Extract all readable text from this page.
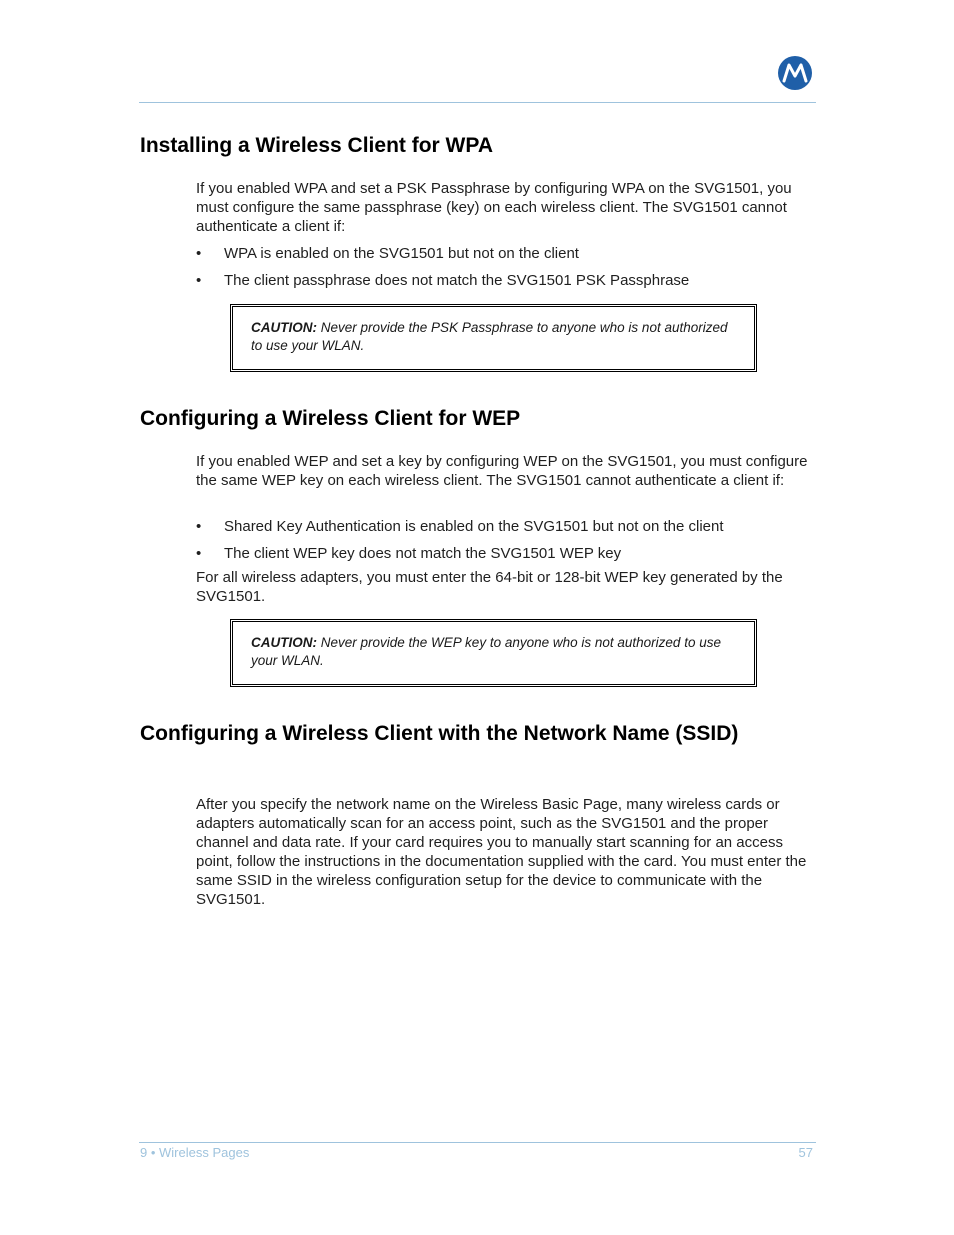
Installing a Wireless Client for WPA

If you enabled WPA and set a PSK Passphrase by configuring WPA on the SVG1501, you must configure the same passphrase (key) on each wireless client. The SVG1501 cannot authenticate a client if:

•	WPA is enabled on the SVG1501 but not on the client
•	The client passphrase does not match the SVG1501 PSK Passphrase
CAUTION: Never provide the PSK Passphrase to anyone who is not authorized to use your WLAN.
Configuring a Wireless Client for WEP

If you enabled WEP and set a key by configuring WEP on the SVG1501, you must configure the same WEP key on each wireless client. The SVG1501 cannot authenticate a client if:

•	Shared Key Authentication is enabled on the SVG1501 but not on the client
•	The client WEP key does not match the SVG1501 WEP key

For all wireless adapters, you must enter the 64-bit or 128-bit WEP key generated by the SVG1501.

CAUTION: Never provide the WEP key to anyone who is not authorized to use your WLAN.
Configuring a Wireless Client with the Network Name (SSID)

After you specify the network name on the Wireless Basic Page, many wireless cards or adapters automatically scan for an access point, such as the SVG1501 and the proper channel and data rate. If your card requires you to manually start scanning for an access point, follow the instructions in the documentation supplied with the card. You must enter the same SSID in the wireless configuration setup for the device to communicate with the SVG1501.

9 • Wireless Pages	57
